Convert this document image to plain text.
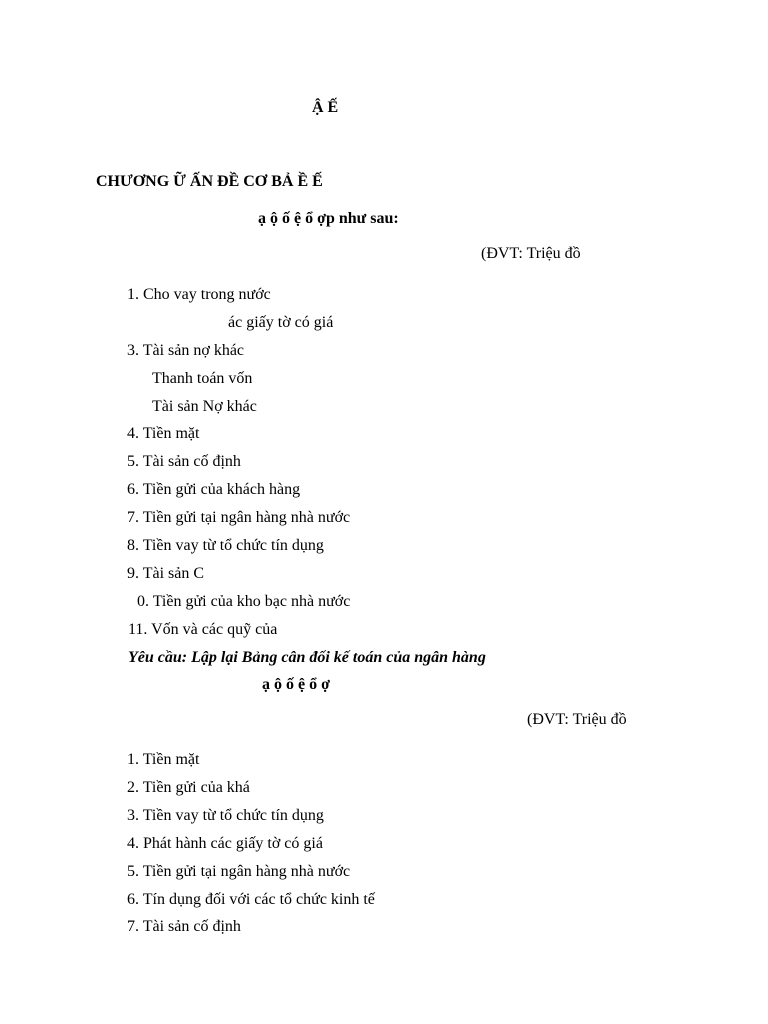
Ậ Ế
CHƯƠNG Ữ ẤN ĐỀ CƠ BẢ Ề Ế
ạ ộ ố ệ ổ ợp như sau:
(ĐVT: Triệu đồ
1. Cho vay trong nước
ác giấy tờ có giá
3. Tài sản nợ khác
Thanh toán vốn
Tài sản Nợ khác
4. Tiền mặt
5. Tài sản cố định
6. Tiền gửi của khách hàng
7. Tiền gửi tại ngân hàng nhà nước
8. Tiền vay từ tổ chức tín dụng
9. Tài sản C
0. Tiền gửi của kho bạc nhà nước
11. Vốn và các quỹ của
Yêu cầu: Lập lại Bảng cân đối kế toán của ngân hàng
ạ ộ ố ệ ổ ợ
(ĐVT: Triệu đồ
1. Tiền mặt
2. Tiền gửi của khá
3. Tiền vay từ tổ chức tín dụng
4. Phát hành các giấy tờ có giá
5. Tiền gửi tại ngân hàng nhà nước
6. Tín dụng đối với các tổ chức kinh tế
7. Tài sản cố định
